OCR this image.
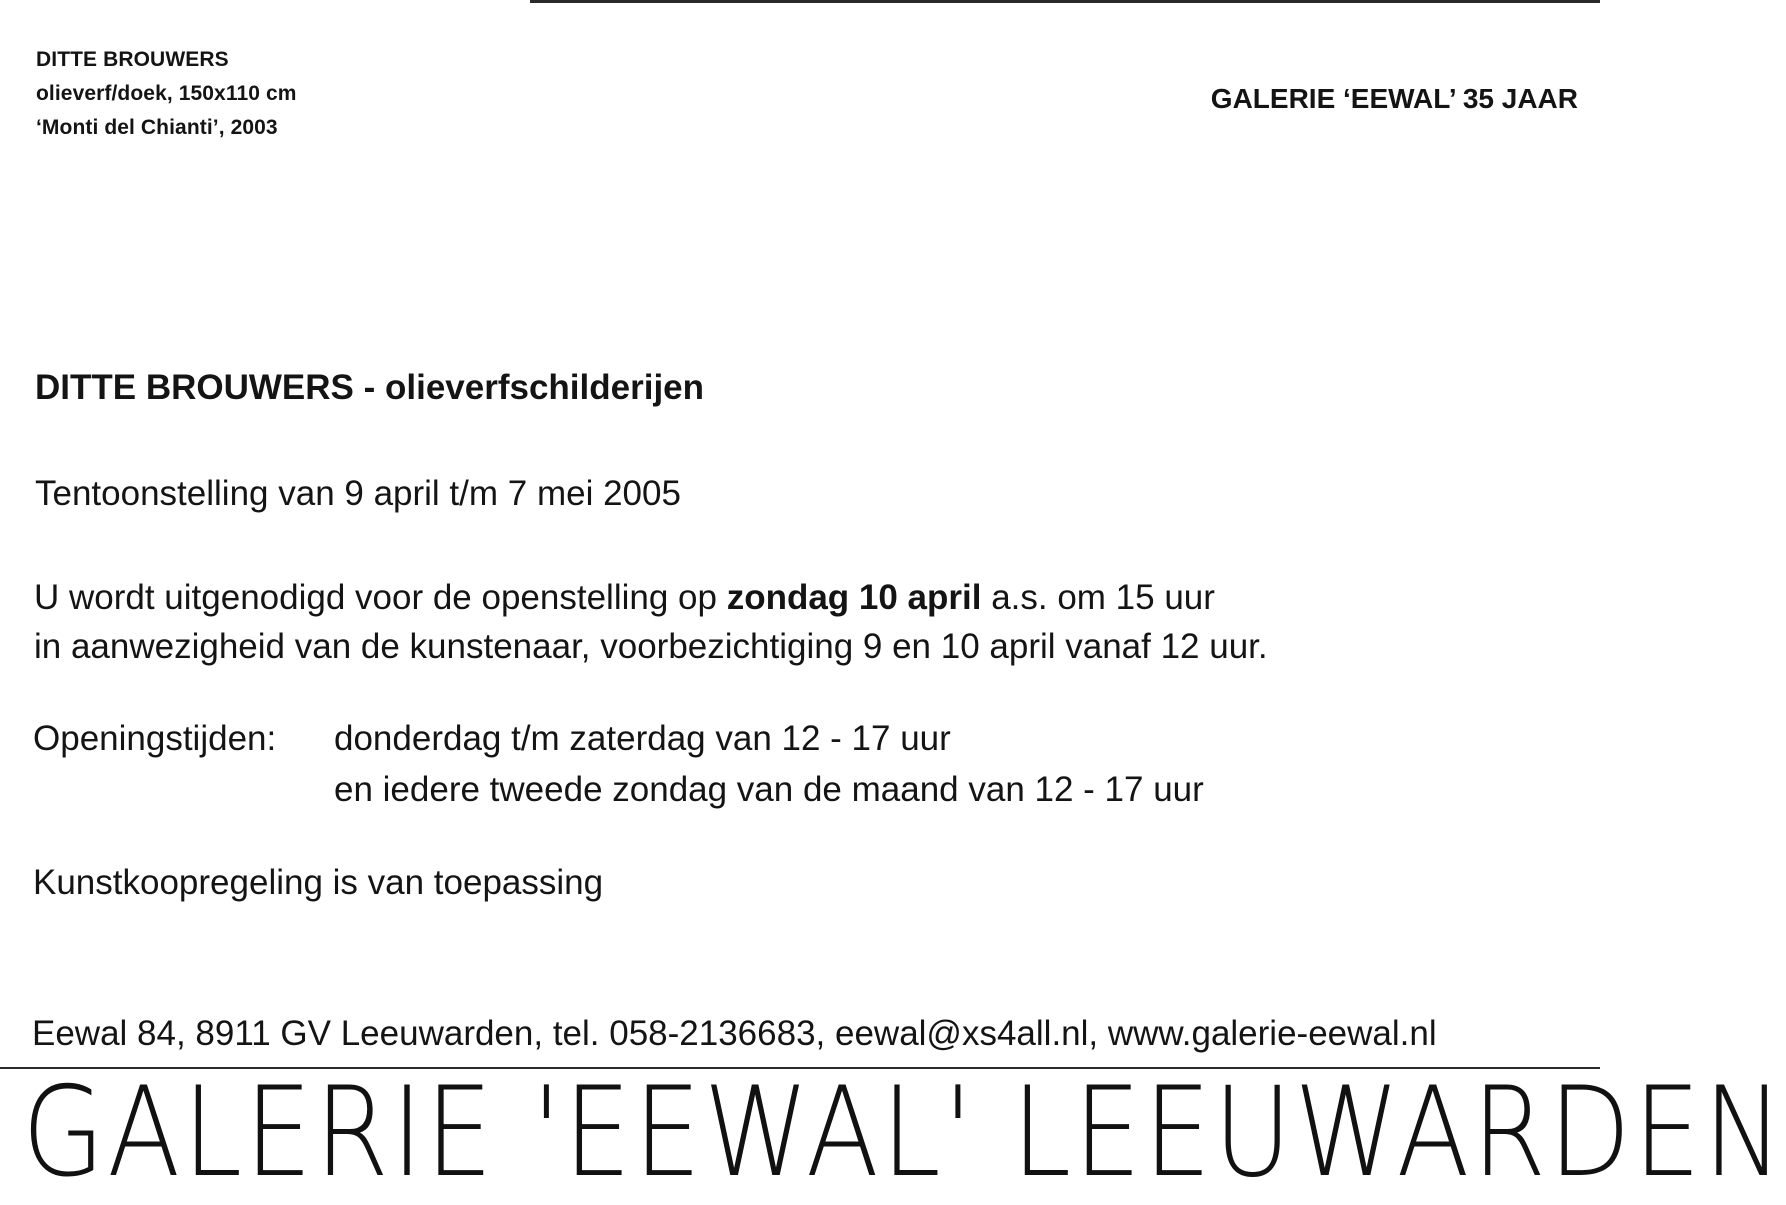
DITTE BROUWERS
olieverf/doek, 150x110 cm
‘Monti del Chianti’, 2003
GALERIE ‘EEWAL’ 35 JAAR
DITTE BROUWERS - olieverfschilderijen
Tentoonstelling van 9 april t/m 7 mei 2005
U wordt uitgenodigd voor de openstelling op zondag 10 april a.s. om 15 uur
in aanwezigheid van de kunstenaar, voorbezichtiging 9 en 10 april vanaf 12 uur.
Openingstijden: donderdag t/m zaterdag van 12 - 17 uur
en iedere tweede zondag van de maand van 12 - 17 uur
Kunstkoopregeling is van toepassing
Eewal 84, 8911 GV Leeuwarden, tel. 058-2136683, eewal@xs4all.nl, www.galerie-eewal.nl
GALERIE 'EEWAL' LEEUWARDEN
